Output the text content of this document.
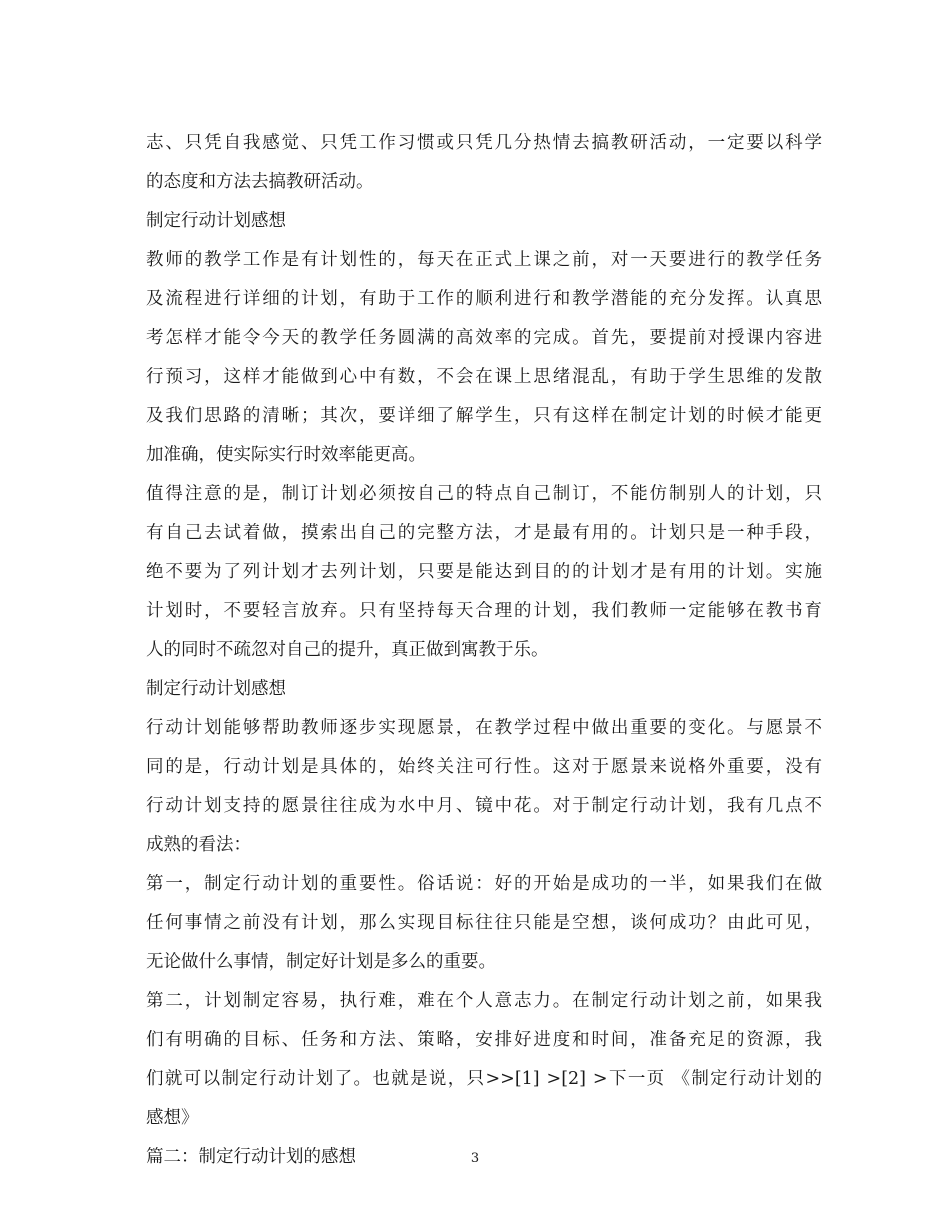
志、只凭自我感觉、只凭工作习惯或只凭几分热情去搞教研活动，一定要以科学
的态度和方法去搞教研活动。
制定行动计划感想
教师的教学工作是有计划性的，每天在正式上课之前，对一天要进行的教学任务
及流程进行详细的计划，有助于工作的顺利进行和教学潜能的充分发挥。认真思
考怎样才能令今天的教学任务圆满的高效率的完成。首先，要提前对授课内容进
行预习，这样才能做到心中有数，不会在课上思绪混乱，有助于学生思维的发散
及我们思路的清晰；其次，要详细了解学生，只有这样在制定计划的时候才能更
加准确，使实际实行时效率能更高。
值得注意的是，制订计划必须按自己的特点自己制订，不能仿制别人的计划，只
有自己去试着做，摸索出自己的完整方法，才是最有用的。计划只是一种手段，
绝不要为了列计划才去列计划，只要是能达到目的的计划才是有用的计划。实施
计划时，不要轻言放弃。只有坚持每天合理的计划，我们教师一定能够在教书育
人的同时不疏忽对自己的提升，真正做到寓教于乐。
制定行动计划感想
行动计划能够帮助教师逐步实现愿景，在教学过程中做出重要的变化。与愿景不
同的是，行动计划是具体的，始终关注可行性。这对于愿景来说格外重要，没有
行动计划支持的愿景往往成为水中月、镜中花。对于制定行动计划，我有几点不
成熟的看法：
第一，制定行动计划的重要性。俗话说：好的开始是成功的一半，如果我们在做
任何事情之前没有计划，那么实现目标往往只能是空想，谈何成功？由此可见，
无论做什么事情，制定好计划是多么的重要。
第二，计划制定容易，执行难，难在个人意志力。在制定行动计划之前，如果我
们有明确的目标、任务和方法、策略，安排好进度和时间，准备充足的资源，我
们就可以制定行动计划了。也就是说，只>>[1] >[2] >下一页 《制定行动计划的
感想》
篇二：制定行动计划的感想	3
